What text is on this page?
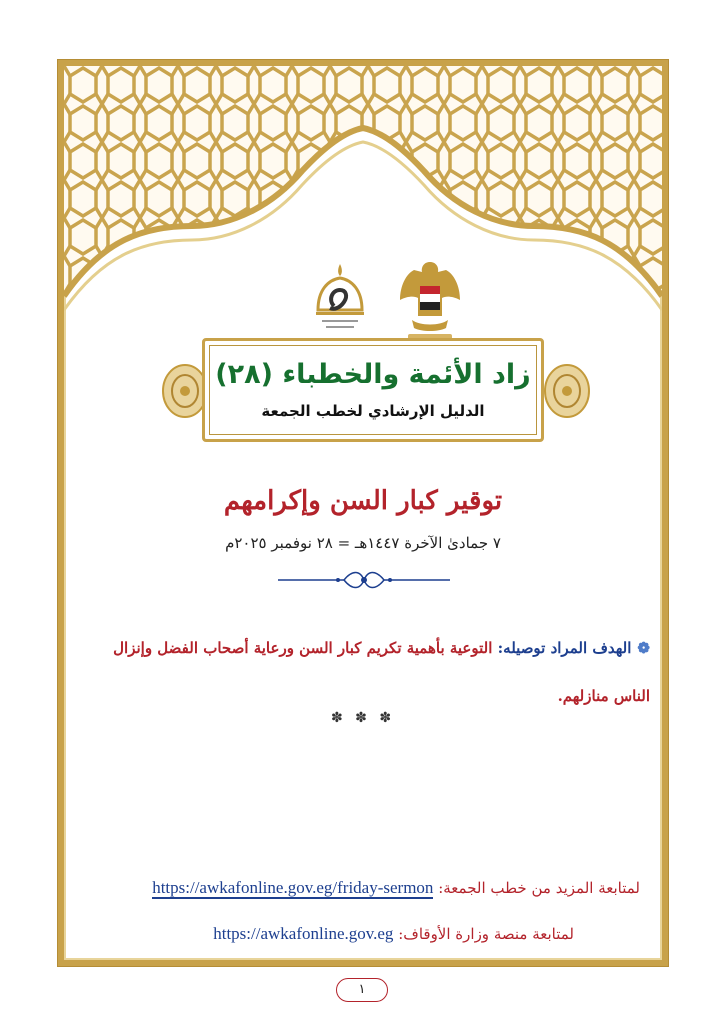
زاد الأئمة والخطباء (٢٨)
الدليل الإرشادي لخطب الجمعة
توقير كبار السن وإكرامهم
٧ جمادىٰ الآخرة ١٤٤٧هـ = ٢٨ نوفمبر ٢٠٢٥م
❁الهدف المراد توصيله: التوعية بأهمية تكريم كبار السن ورعاية أصحاب الفضل وإنزال الناس منازلهم.
✽ ✽ ✽
لمتابعة المزيد من خطب الجمعة: https://awkafonline.gov.eg/friday-sermon
لمتابعة منصة وزارة الأوقاف: https://awkafonline.gov.eg
١
